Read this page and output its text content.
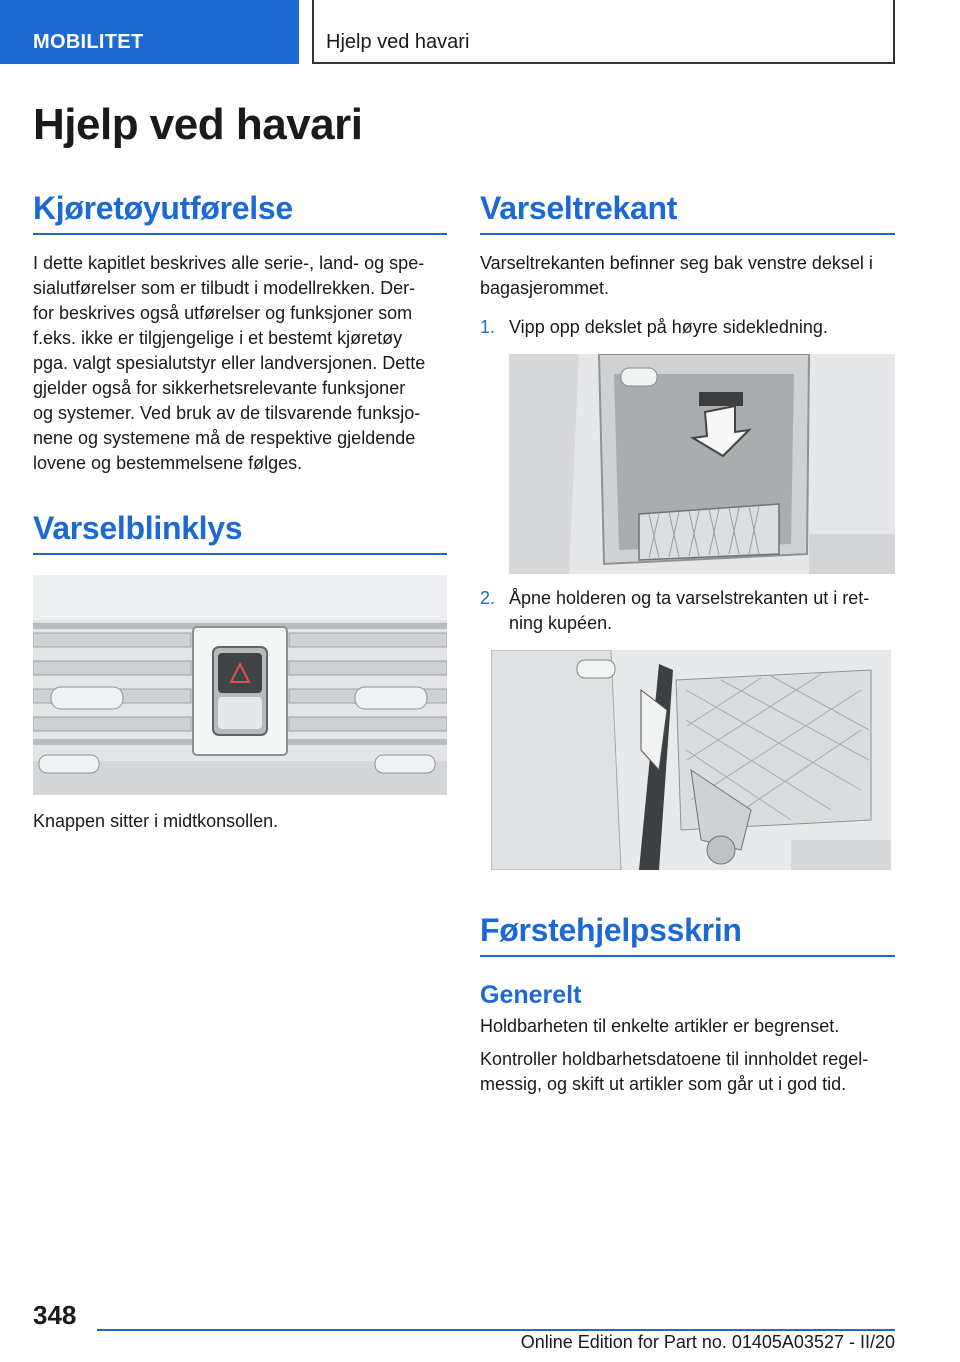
MOBILITET	Hjelp ved havari
Hjelp ved havari
Kjøretøyutførelse

I dette kapitlet beskrives alle serie-, land- og spe-
sialutførelser som er tilbudt i modellrekken. Der-
for beskrives også utførelser og funksjoner som
f.eks. ikke er tilgjengelige i et bestemt kjøretøy
pga. valgt spesialutstyr eller landversjonen. Dette
gjelder også for sikkerhetsrelevante funksjoner
og systemer. Ved bruk av de tilsvarende funksjo-
nene og systemene må de respektive gjeldende
lovene og bestemmelsene følges.

Varselblinklys

Knappen sitter i midtkonsollen.

Varseltrekant

Varseltrekanten befinner seg bak venstre deksel i
bagasjerommet.

1. Vipp opp dekslet på høyre sidekledning.
2. Åpne holderen og ta varselstrekanten ut i ret-
ning kupéen.
Førstehjelpsskrin
Generelt

Holdbarheten til enkelte artikler er begrenset.

Kontroller holdbarhetsdatoene til innholdet regel-
messig, og skift ut artikler som går ut i god tid.

348
Online Edition for Part no. 01405A03527 - II/20
